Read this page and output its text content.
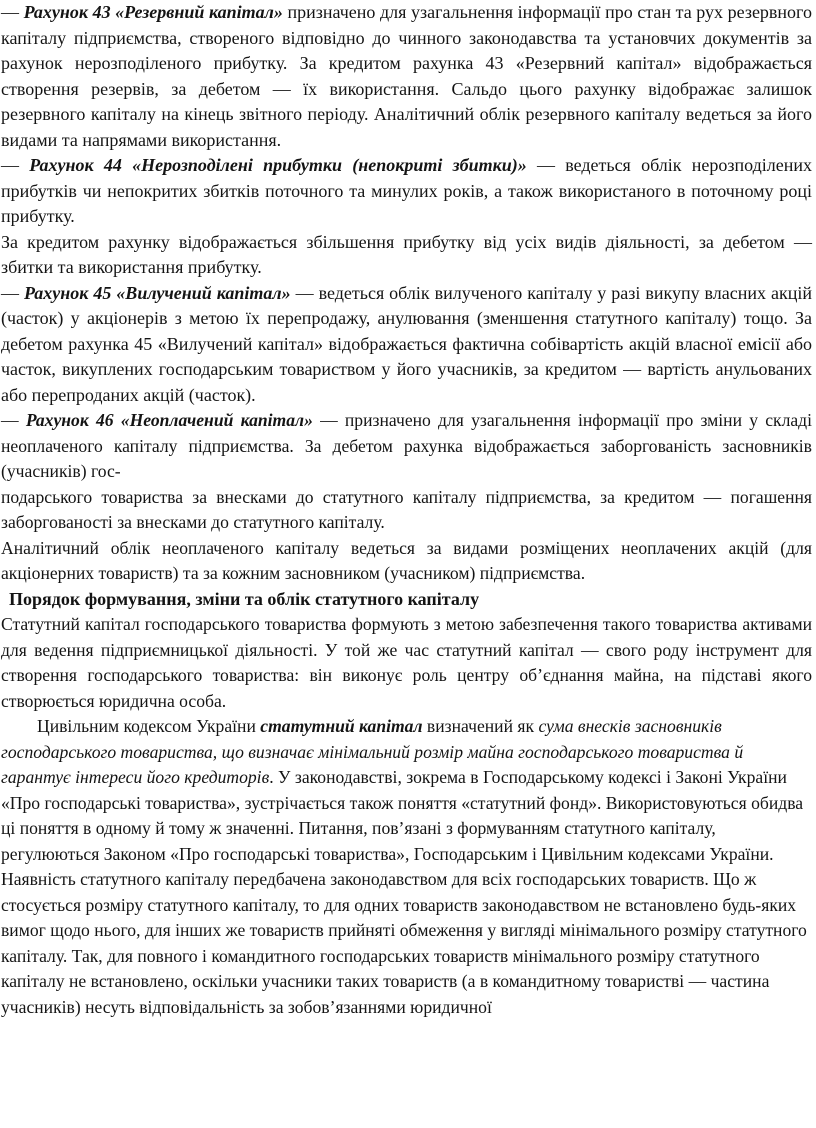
— Рахунок 43 «Резервний капітал» призначено для узагальнення інформації про стан та рух резервного капіталу підприємства, створеного відповідно до чинного законодавства та установчих документів за рахунок нерозподіленого прибутку. За кредитом рахунка 43 «Резервний капітал» відображається створення резервів, за дебетом — їх використання. Сальдо цього рахунку відображає залишок резервного капіталу на кінець звітного періоду. Аналітичний облік резервного капіталу ведеться за його видами та напрямами використання.

— Рахунок 44 «Нерозподілені прибутки (непокриті збитки)» — ведеться облік нерозподілених прибутків чи непокритих збитків поточного та минулих років, а також використаного в поточному році прибутку.

За кредитом рахунку відображається збільшення прибутку від усіх видів діяльності, за дебетом — збитки та використання прибутку.

— Рахунок 45 «Вилучений капітал» — ведеться облік вилученого капіталу у разі викупу власних акцій (часток) у акціонерів з метою їх перепродажу, анулювання (зменшення статутного капіталу) тощо. За дебетом рахунка 45 «Вилучений капітал» відображається фактична собівартість акцій власної емісії або часток, викуплених господарським товариством у його учасників, за кредитом — вартість анульованих або перепроданих акцій (часток).

— Рахунок 46 «Неоплачений капітал» — призначено для узагальнення інформації про зміни у складі неоплаченого капіталу підприємства. За дебетом рахунка відображається заборгованість засновників (учасників) гос-

подарського товариства за внесками до статутного капіталу підприємства, за кредитом — погашення заборгованості за внесками до статутного капіталу.

Аналітичний облік неоплаченого капіталу ведеться за видами розміщених неоплачених акцій (для акціонерних товариств) та за кожним засновником (учасником) підприємства.

Порядок формування, зміни та облік статутного капіталу

Статутний капітал господарського товариства формують з метою забезпечення такого товариства активами для ведення підприємницької діяльності. У той же час статутний капітал — свого роду інструмент для створення господарського товариства: він виконує роль центру об’єднання майна, на підставі якого створюється юридична особа.

Цивільним кодексом України статутний капітал визначений як сума внесків засновників господарського товариства, що визначає мінімальний розмір майна господарського товариства й гарантує інтереси його кредиторів. У законодавстві, зокрема в Господарському кодексі і Законі України «Про господарські товариства», зустрічається також поняття «статутний фонд». Використовуються обидва ці поняття в одному й тому ж значенні. Питання, пов’язані з формуванням статутного капіталу, регулюються Законом «Про господарські товариства», Господарським і Цивільним кодексами України. Наявність статутного капіталу передбачена законодавством для всіх господарських товариств. Що ж стосується розміру статутного капіталу, то для одних товариств законодавством не встановлено будь-яких вимог щодо нього, для інших же товариств прийняті обмеження у вигляді мінімального розміру статутного капіталу. Так, для повного і командитного господарських товариств мінімального розміру статутного капіталу не встановлено, оскільки учасники таких товариств (а в командитному товаристві — частина учасників) несуть відповідальність за зобов’язаннями юридичної
